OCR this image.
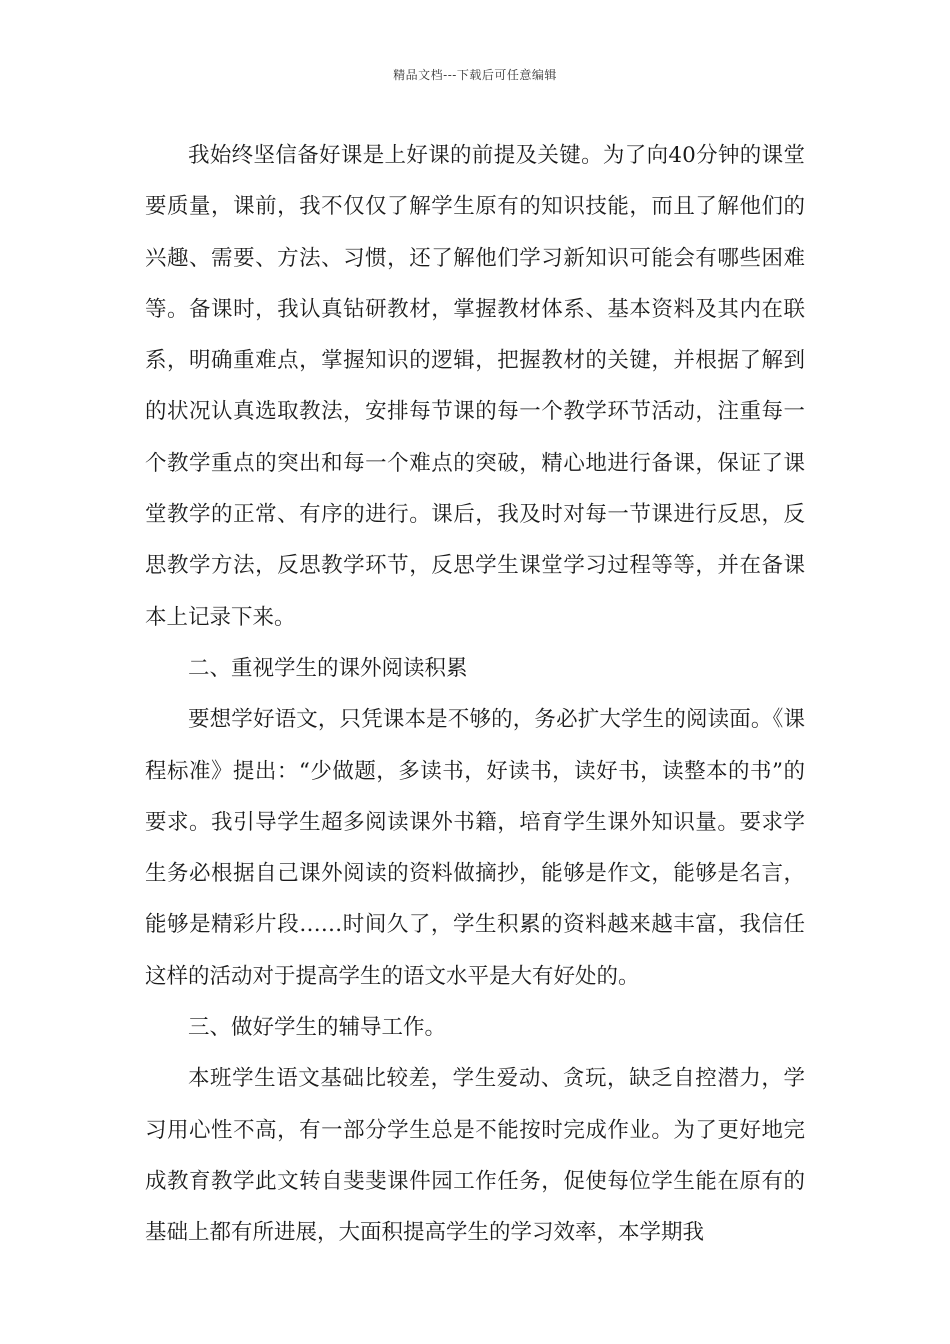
精品文档---下载后可任意编辑

我始终坚信备好课是上好课的前提及关键。为了向40分钟的课堂要质量，课前，我不仅仅了解学生原有的知识技能，而且了解他们的兴趣、需要、方法、习惯，还了解他们学习新知识可能会有哪些困难等。备课时，我认真钻研教材，掌握教材体系、基本资料及其内在联系，明确重难点，掌握知识的逻辑，把握教材的关键，并根据了解到的状况认真选取教法，安排每节课的每一个教学环节活动，注重每一个教学重点的突出和每一个难点的突破，精心地进行备课，保证了课堂教学的正常、有序的进行。课后，我及时对每一节课进行反思，反思教学方法，反思教学环节，反思学生课堂学习过程等等，并在备课本上记录下来。

二、重视学生的课外阅读积累

要想学好语文，只凭课本是不够的，务必扩大学生的阅读面。《课程标准》提出：“少做题，多读书，好读书，读好书，读整本的书”的要求。我引导学生超多阅读课外书籍，培育学生课外知识量。要求学生务必根据自己课外阅读的资料做摘抄，能够是作文，能够是名言，能够是精彩片段……时间久了，学生积累的资料越来越丰富，我信任这样的活动对于提高学生的语文水平是大有好处的。

三、做好学生的辅导工作。

本班学生语文基础比较差，学生爱动、贪玩，缺乏自控潜力，学习用心性不高，有一部分学生总是不能按时完成作业。为了更好地完成教育教学此文转自斐斐课件园工作任务，促使每位学生能在原有的基础上都有所进展，大面积提高学生的学习效率，本学期我
